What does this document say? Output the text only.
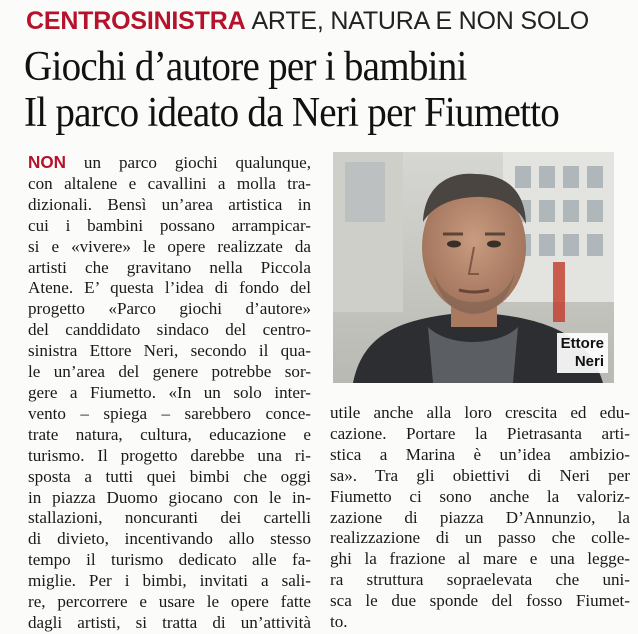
CENTROSINISTRA ARTE, NATURA E NON SOLO
Giochi d’autore per i bambini
Il parco ideato da Neri per Fiumetto
NON un parco giochi qualunque,
con altalene e cavallini a molla tra-
dizionali. Bensì un’area artistica in
cui i bambini possano arrampicar-
si e «vivere» le opere realizzate da
artisti che gravitano nella Piccola
Atene. E’ questa l’idea di fondo del
progetto «Parco giochi d’autore»
del canddidato sindaco del centro-
sinistra Ettore Neri, secondo il qua-
le un’area del genere potrebbe sor-
gere a Fiumetto. «In un solo inter-
vento – spiega – sarebbero conce-
trate natura, cultura, educazione e
turismo. Il progetto darebbe una ri-
sposta a tutti quei bimbi che oggi
in piazza Duomo giocano con le in-
stallazioni, noncuranti dei cartelli
di divieto, incentivando allo stesso
tempo il turismo dedicato alle fa-
miglie. Per i bimbi, invitati a sali-
re, percorrere e usare le opere fatte
dagli artisti, si tratta di un’attività
Ettore
Neri
utile anche alla loro crescita ed edu-
cazione. Portare la Pietrasanta arti-
stica a Marina è un’idea ambiziо-
sa». Tra gli obiettivi di Neri per
Fiumetto ci sono anche la valoriz-
zazione di piazza D’Annunzio, la
realizzazione di un passo che colle-
ghi la frazione al mare e una legge-
ra struttura sopraelevata che uni-
sca le due sponde del fosso Fiumet-
to.
